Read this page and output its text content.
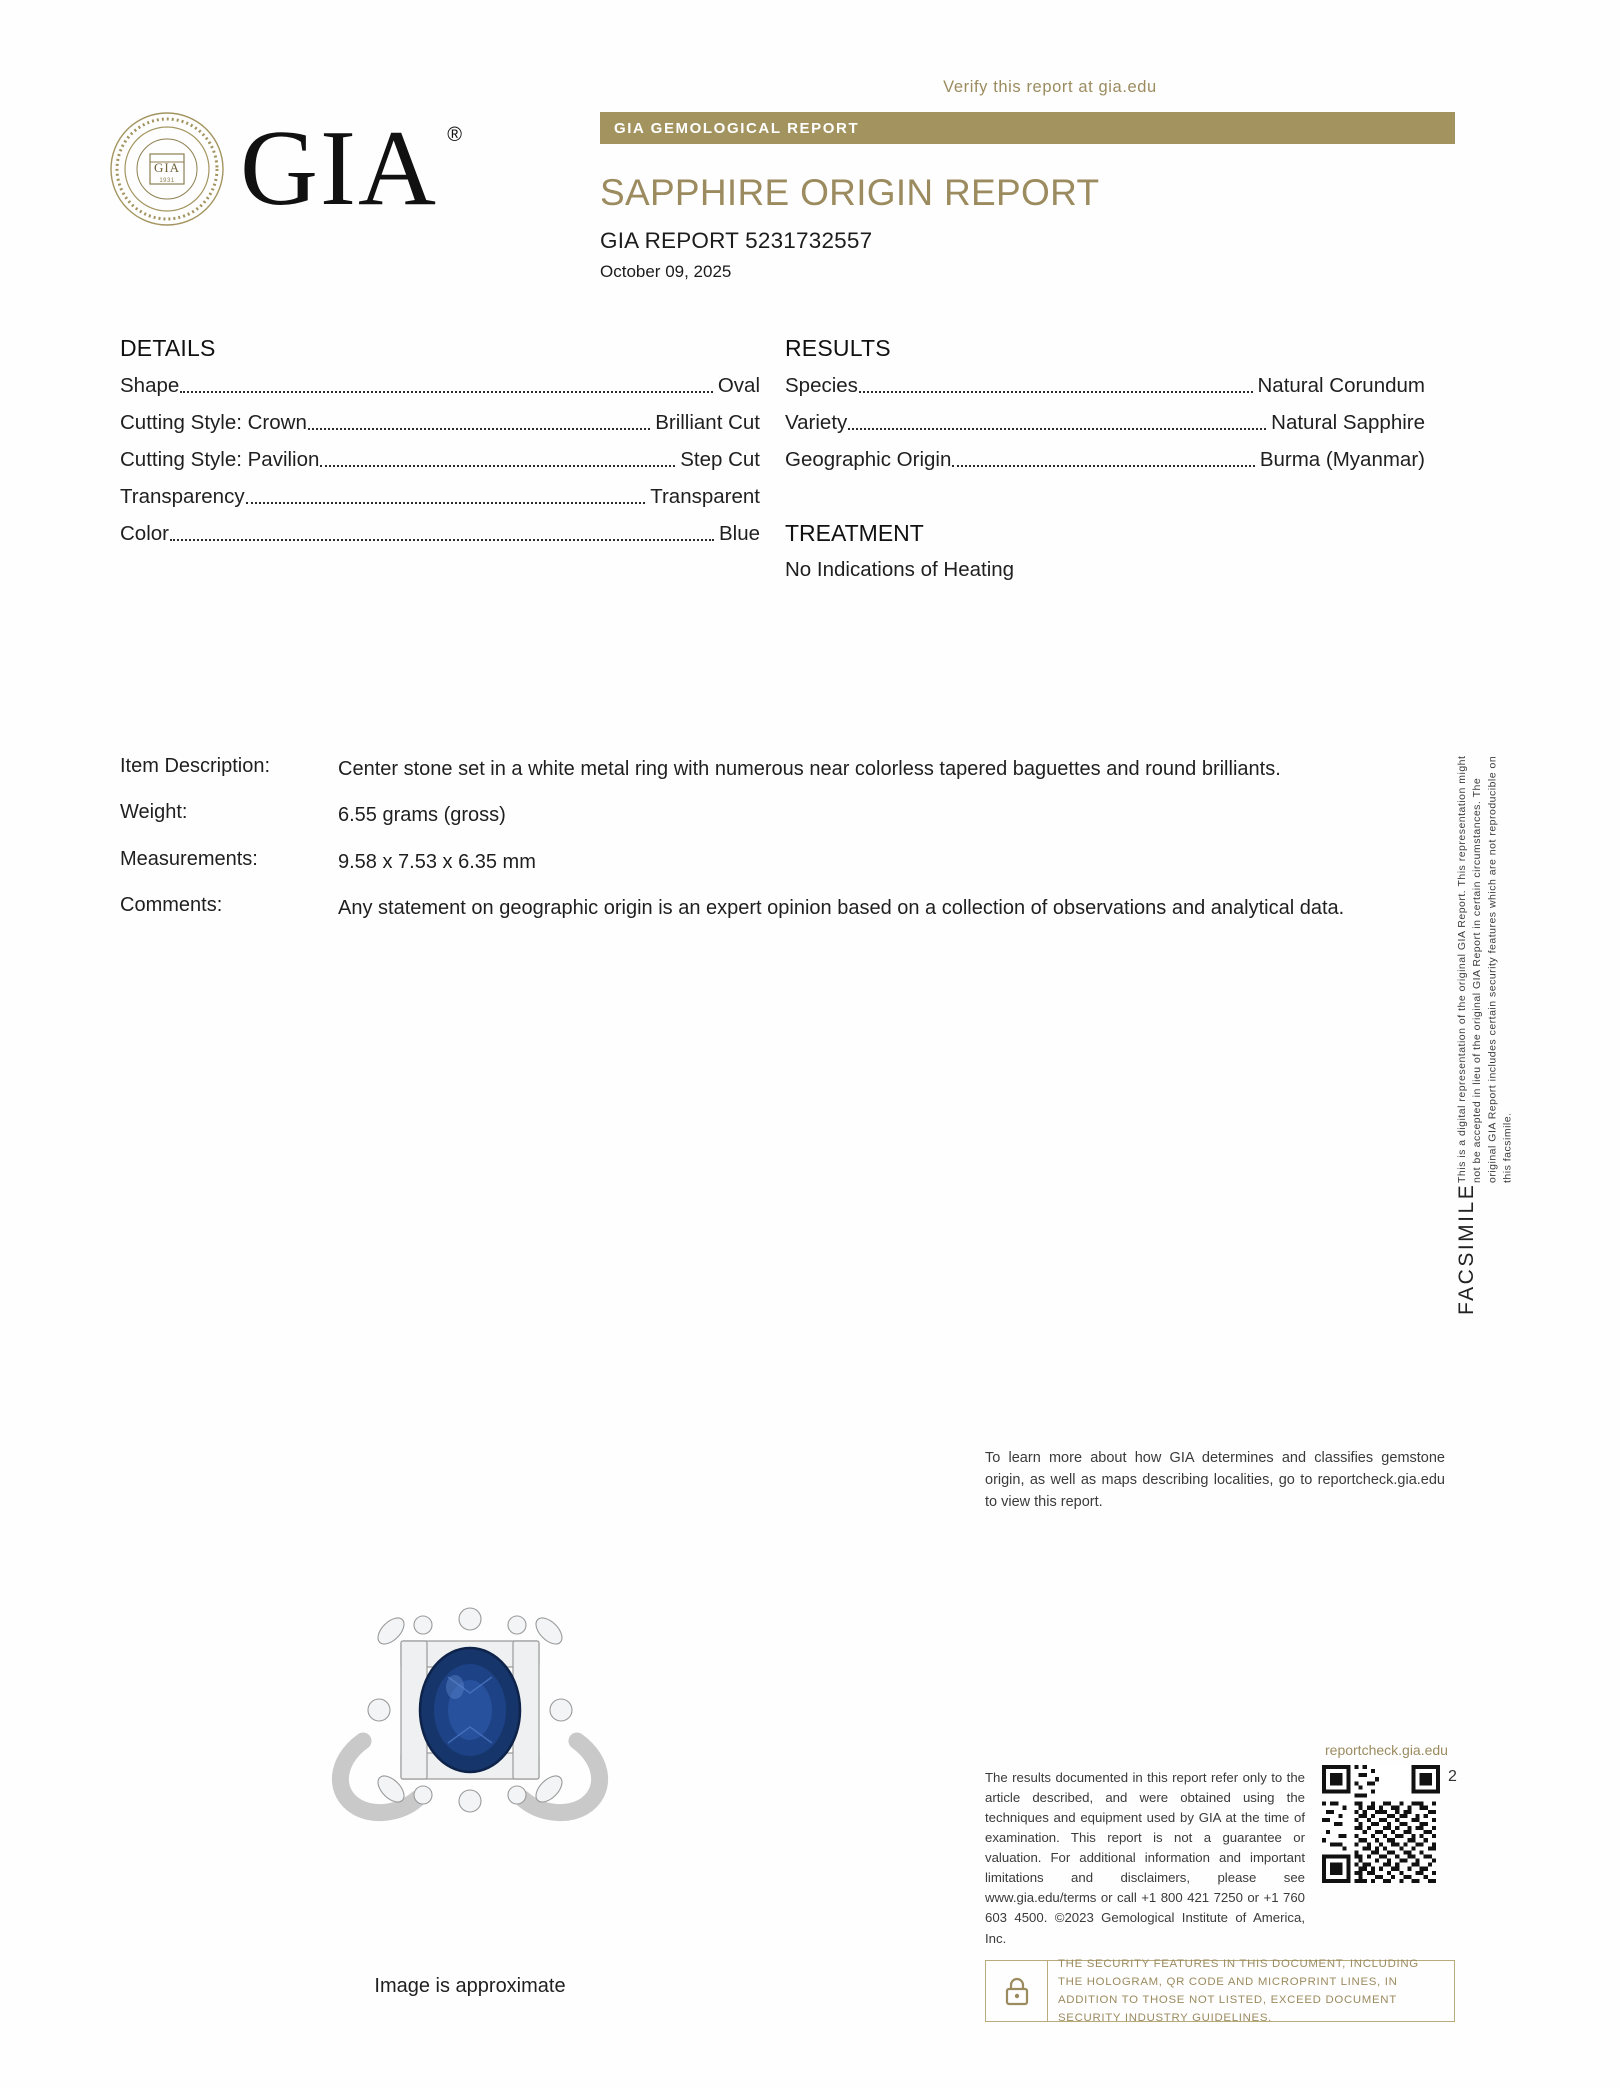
Verify this report at gia.edu
GIA
1931 GIA ®	GIA GEMOLOGICAL REPORT
SAPPHIRE ORIGIN REPORT
GIA REPORT 5231732557
October 09, 2025
DETAILS
Shape	Oval
Cutting Style: Crown	Brilliant Cut
Cutting Style: Pavilion	Step Cut
Transparency	Transparent
Color	Blue
RESULTS
Species	Natural Corundum
Variety	Natural Sapphire
Geographic Origin	Burma (Myanmar)
TREATMENT
No Indications of Heating
Item Description:	Center stone set in a white metal ring with numerous near colorless tapered baguettes and round brilliants.
Weight:	6.55 grams (gross)
Measurements:	9.58 x 7.53 x 6.35 mm
Comments:	Any statement on geographic origin is an expert opinion based on a collection of observations and analytical data.
FACSIMILE
This is a digital representation of the original GIA Report. This representation might not be accepted in lieu of the original GIA Report in certain circumstances. The original GIA Report includes certain security features which are not reproducible on this facsimile.
To learn more about how GIA determines and classifies gemstone origin, as well as maps describing localities, go to reportcheck.gia.edu to view this report.
Image is approximate
reportcheck.gia.edu
The results documented in this report refer only to the article described, and were obtained using the techniques and equipment used by GIA at the time of examination. This report is not a guarantee or valuation. For additional information and important limitations and disclaimers, please see www.gia.edu/terms or call +1 800 421 7250 or +1 760 603 4500. ©2023 Gemological Institute of America, Inc.
2
THE SECURITY FEATURES IN THIS DOCUMENT, INCLUDING THE HOLOGRAM, QR CODE AND MICROPRINT LINES, IN ADDITION TO THOSE NOT LISTED, EXCEED DOCUMENT SECURITY INDUSTRY GUIDELINES.
